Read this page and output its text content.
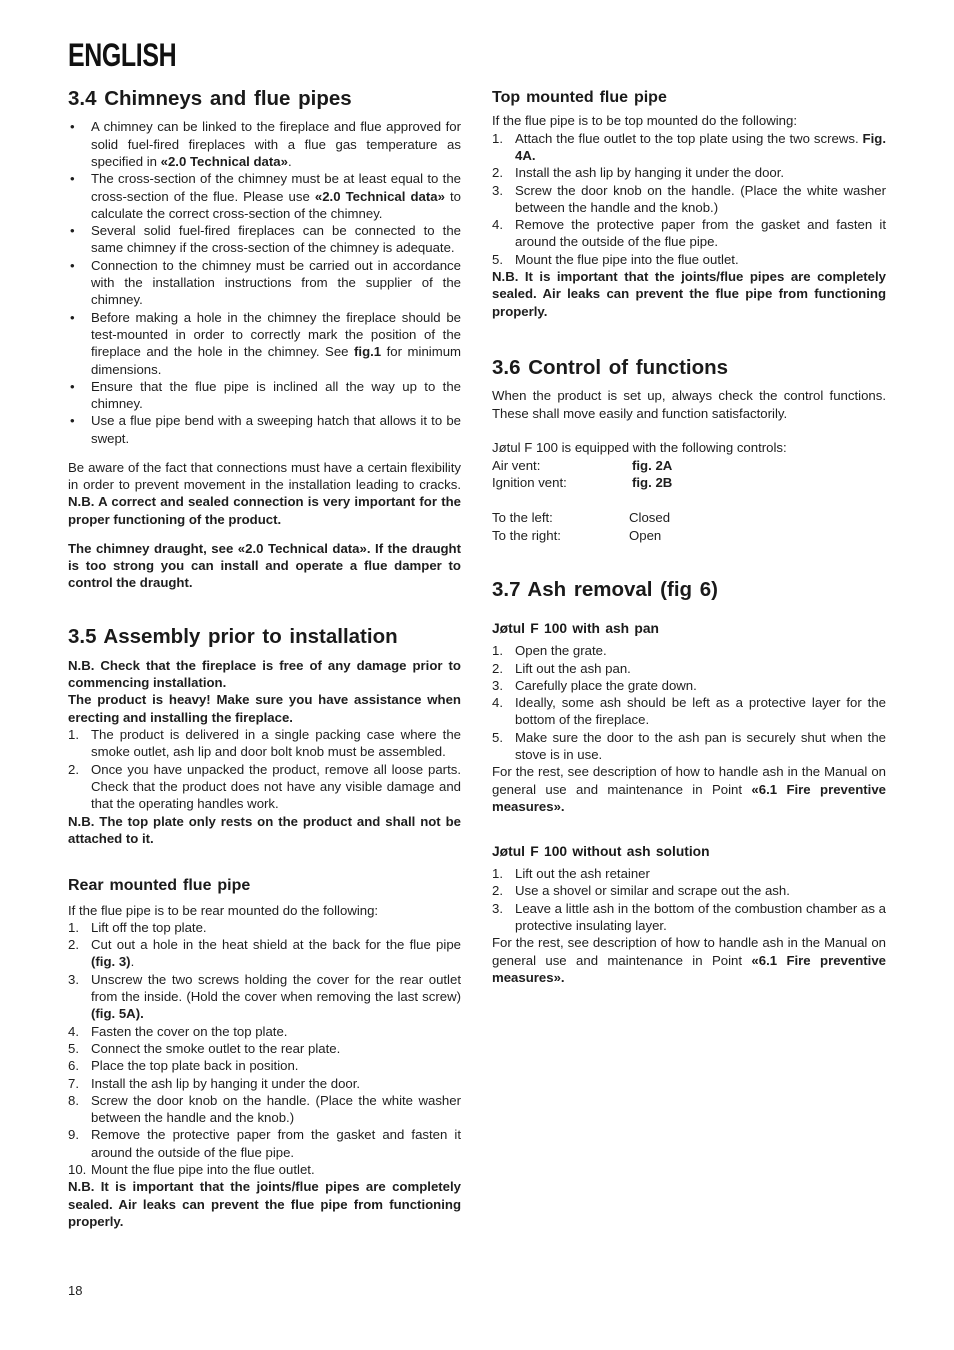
ENGLISH
3.4 Chimneys and flue pipes
•
A chimney can be linked to the fireplace and flue approved for solid fuel-fired fireplaces with a flue gas temperature as specified in «2.0 Technical data».
•
The cross-section of the chimney must be at least equal to the cross-section of the flue. Please use «2.0 Technical data» to calculate the correct cross-section of the chimney.
•
Several solid fuel-fired fireplaces can be connected to the same chimney if the cross-section of the chimney is adequate.
•
Connection to the chimney must be carried out in accordance with the installation instructions from the supplier of the chimney.
•
Before making a hole in the chimney the fireplace should be test-mounted in order to correctly mark the position of the fireplace and the hole in the chimney. See fig.1 for minimum dimensions.
•
Ensure that the flue pipe is inclined all the way up to the chimney.
•
Use a flue pipe bend with a sweeping hatch that allows it to be swept.

Be aware of the fact that connections must have a certain flexibility in order to prevent movement in the installation leading to cracks. N.B. A correct and sealed connection is very important for the proper functioning of the product.

The chimney draught, see «2.0 Technical data». If the draught is too strong you can install and operate a flue damper to control the draught.

3.5 Assembly prior to installation

N.B. Check that the fireplace is free of any damage prior to commencing installation.

The product is heavy! Make sure you have assistance when erecting and installing the fireplace.

1. The product is delivered in a single packing case where the smoke outlet, ash lip and door bolt knob must be assembled.
2. Once you have unpacked the product, remove all loose parts. Check that the product does not have any visible damage and that the operating handles work.

N.B. The top plate only rests on the product and shall not be attached to it.

Rear mounted flue pipe

If the flue pipe is to be rear mounted do the following:

1. Lift off the top plate.
2. Cut out a hole in the heat shield at the back for the flue pipe (fig. 3).
3. Unscrew the two screws holding the cover for the rear outlet from the inside. (Hold the cover when removing the last screw) (fig. 5A).
4. Fasten the cover on the top plate.
5. Connect the smoke outlet to the rear plate.
6. Place the top plate back in position.
7. Install the ash lip by hanging it under the door.
8. Screw the door knob on the handle. (Place the white washer between the handle and the knob.)
9. Remove the protective paper from the gasket and fasten it around the outside of the flue pipe.
10. Mount the flue pipe into the flue outlet.

N.B. It is important that the joints/flue pipes are completely sealed. Air leaks can prevent the flue pipe from functioning properly.

Top mounted flue pipe

If the flue pipe is to be top mounted do the following:

1. Attach the flue outlet to the top plate using the two screws. Fig. 4A.
2. Install the ash lip by hanging it under the door.
3. Screw the door knob on the handle. (Place the white washer between the handle and the knob.)
4. Remove the protective paper from the gasket and fasten it around the outside of the flue pipe.
5. Mount the flue pipe into the flue outlet.

N.B. It is important that the joints/flue pipes are completely sealed. Air leaks can prevent the flue pipe from functioning properly.

3.6 Control of functions

When the product is set up, always check the control functions. These shall move easily and function satisfactorily.

Jøtul F 100 is equipped with the following controls:

Air vent:	fig. 2A
Ignition vent:	fig. 2B
To the left:	Closed
To the right:	Open
3.7 Ash removal (fig 6)
Jøtul F 100 with ash pan
1. Open the grate.
2. Lift out the ash pan.
3. Carefully place the grate down.
4. Ideally, some ash should be left as a protective layer for the bottom of the fireplace.
5. Make sure the door to the ash pan is securely shut when the stove is in use.

For the rest, see description of how to handle ash in the Manual on general use and maintenance in Point «6.1 Fire preventive measures».

Jøtul F 100 without ash solution
1. Lift out the ash retainer
2. Use a shovel or similar and scrape out the ash.
3. Leave a little ash in the bottom of the combustion chamber as a protective insulating layer.

For the rest, see description of how to handle ash in the Manual on general use and maintenance in Point «6.1 Fire preventive measures».

18
